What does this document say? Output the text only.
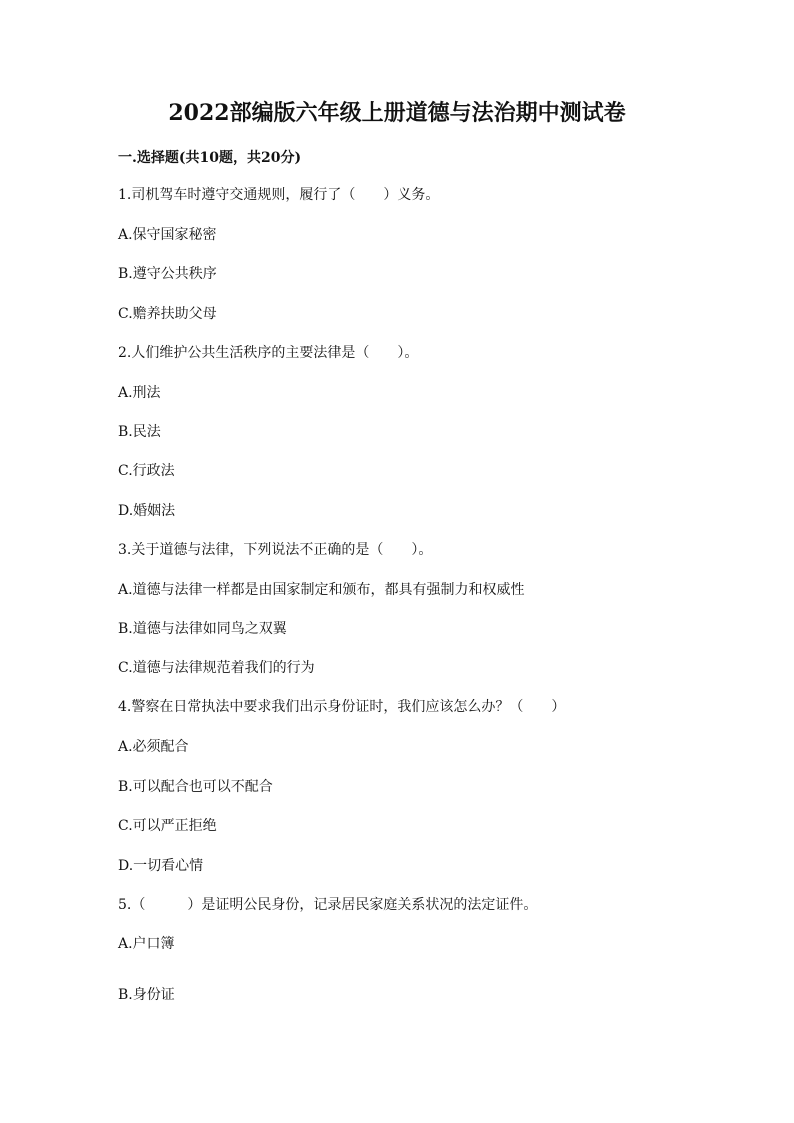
2022部编版六年级上册道德与法治期中测试卷
一.选择题(共10题，共20分)
1.司机驾车时遵守交通规则，履行了（　　）义务。
A.保守国家秘密
B.遵守公共秩序
C.赡养扶助父母
2.人们维护公共生活秩序的主要法律是（　　）。
A.刑法
B.民法
C.行政法
D.婚姻法
3.关于道德与法律，下列说法不正确的是（　　）。
A.道德与法律一样都是由国家制定和颁布，都具有强制力和权威性
B.道德与法律如同鸟之双翼
C.道德与法律规范着我们的行为
4.警察在日常执法中要求我们出示身份证时，我们应该怎么办？（　　）
A.必须配合
B.可以配合也可以不配合
C.可以严正拒绝
D.一切看心情
5.（　　　）是证明公民身份，记录居民家庭关系状况的法定证件。
A.户口簿
B.身份证
